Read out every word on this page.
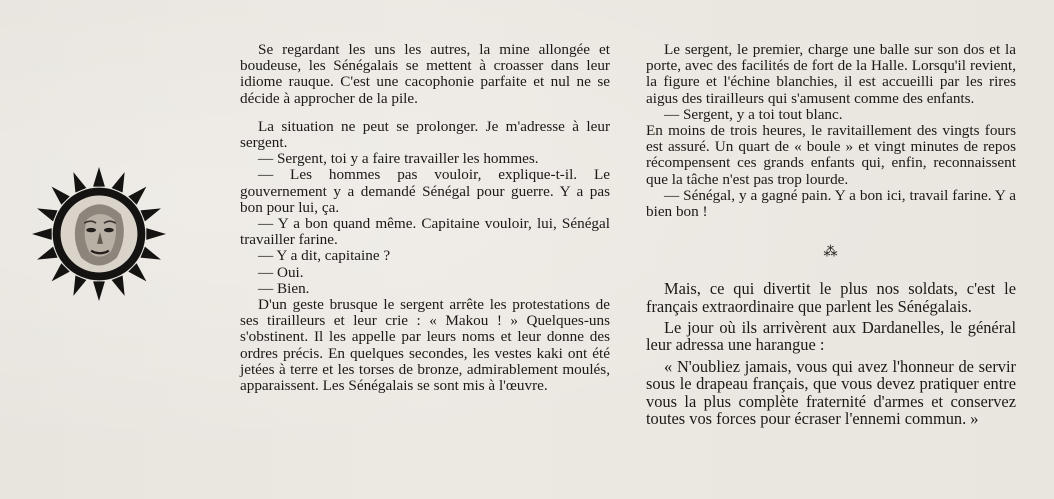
Se regardant les uns les autres, la mine allongée et boudeuse, les Sénégalais se mettent à croasser dans leur idiome rauque. C'est une cacophonie parfaite et nul ne se décide à approcher de la pile.

La situation ne peut se prolonger. Je m'adresse à leur sergent.

— Sergent, toi y a faire travailler les hommes.

— Les hommes pas vouloir, explique-t-il. Le gouvernement y a demandé Sénégal pour guerre. Y a pas bon pour lui, ça.

— Y a bon quand même. Capitaine vouloir, lui, Sénégal travailler farine.

— Y a dit, capitaine ?

— Oui.

— Bien.

D'un geste brusque le sergent arrête les protestations de ses tirailleurs et leur crie : « Makou ! » Quelques-uns s'obstinent. Il les appelle par leurs noms et leur donne des ordres précis. En quelques secondes, les vestes kaki ont été jetées à terre et les torses de bronze, admirablement moulés, apparaissent. Les Sénégalais se sont mis à l'œuvre.

Le sergent, le premier, charge une balle sur son dos et la porte, avec des facilités de fort de la Halle. Lorsqu'il revient, la figure et l'échine blanchies, il est accueilli par les rires aigus des tirailleurs qui s'amusent comme des enfants.

— Sergent, y a toi tout blanc.

En moins de trois heures, le ravitaillement des vingts fours est assuré. Un quart de « boule » et vingt minutes de repos récompensent ces grands enfants qui, enfin, reconnaissent que la tâche n'est pas trop lourde.

— Sénégal, y a gagné pain. Y a bon ici, travail farine. Y a bien bon !

⁂

Mais, ce qui divertit le plus nos soldats, c'est le français extraordinaire que parlent les Sénégalais.

Le jour où ils arrivèrent aux Dardanelles, le général leur adressa une harangue :

« N'oubliez jamais, vous qui avez l'honneur de servir sous le drapeau français, que vous devez pratiquer entre vous la plus complète fraternité d'armes et conservez toutes vos forces pour écraser l'ennemi commun. »
